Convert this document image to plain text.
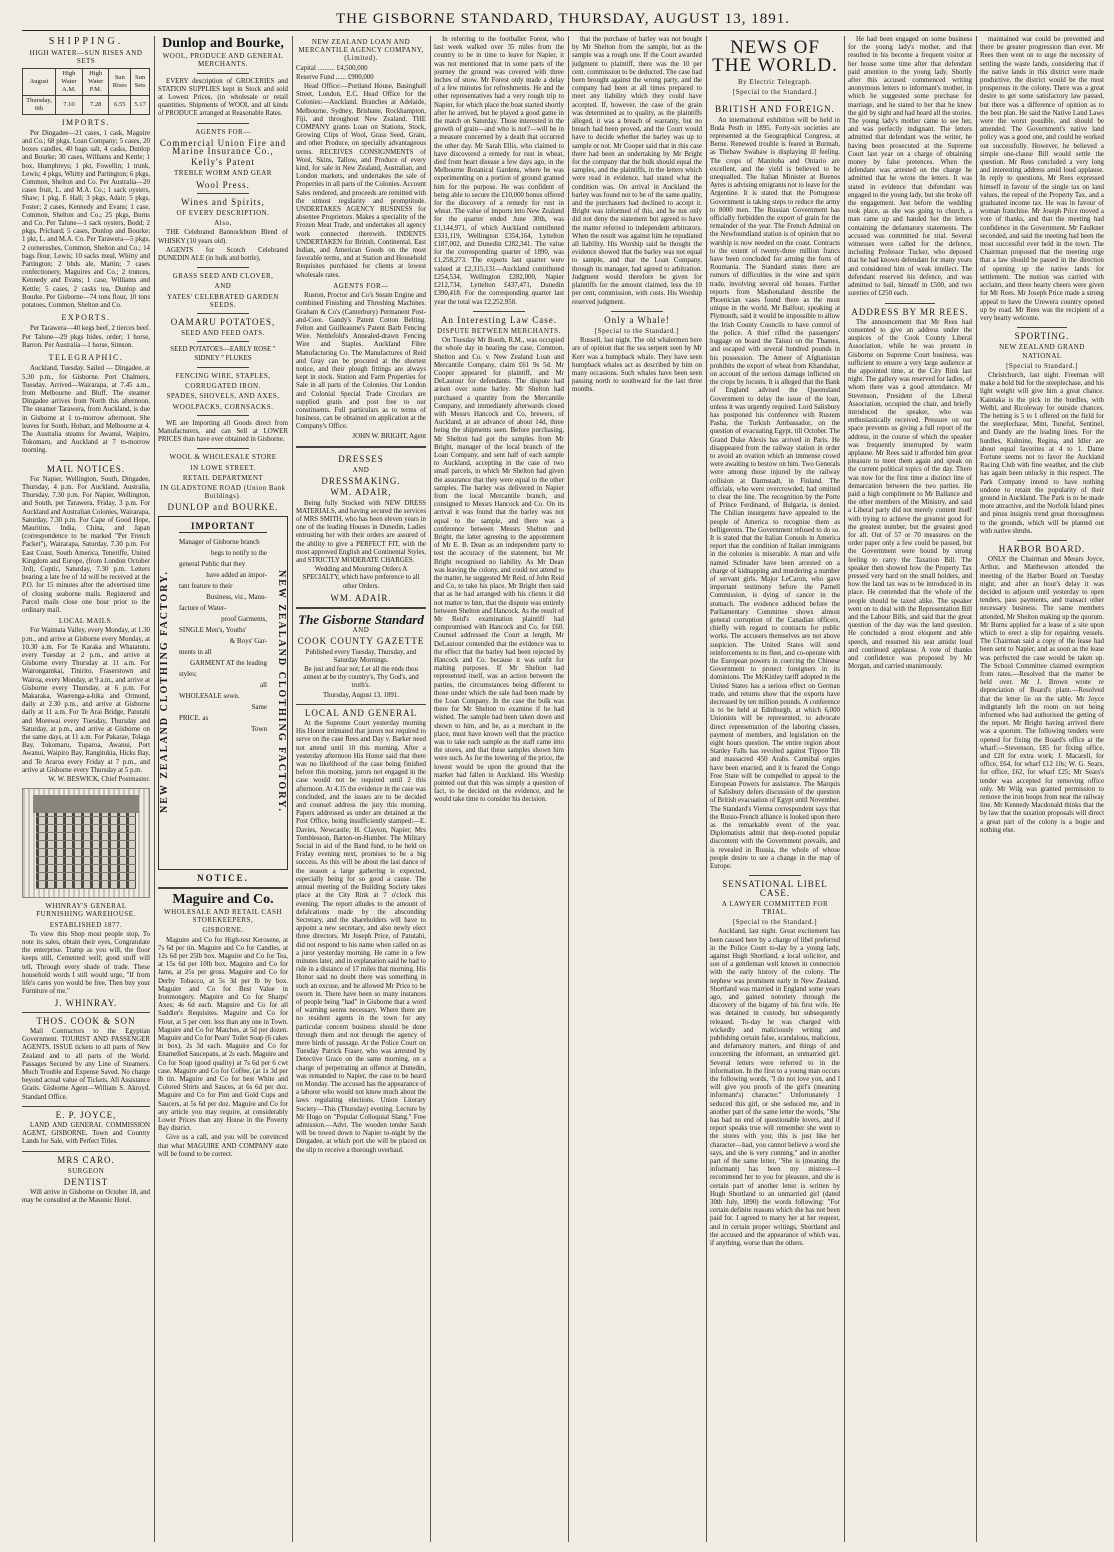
THE GISBORNE STANDARD, THURSDAY, AUGUST 13, 1891.
SHIPPING.
HIGH WATER—SUN RISES AND SETS
August	High Water A.M.	High Water P.M.	Sun Rises	Sun Sets
Thursday, 6th	7.10	7.28	6.55	5.17
IMPORTS.

Per Dingadee—21 cases, 1 cask, Maguire and Co.; 68 pkgs, Loan Company; 5 cases, 20 boxes candles, 40 bags salt, 4 casks, Dunlop and Bourke; 30 cases, Williams and Kettle; 1 box, Humphreys; 1 pkt, Fowellin; 1 trunk, Lewis; 4 pkgs, Whitty and Partington; 6 pkgs, Common, Shelton and Co. Per Australia—20 cases fruit, L. and M.A. Co.; 1 sack oysters, Shaw; 1 pkg, F. Hall; 3 pkgs, Adair; 5 pkgs, Foster; 2 cases, Kennedy and Evans; 1 case, Common, Shelton and Co.; 25 pkgs, Burns and Co. Per Talune—1 sack oysters, Bodd; 2 pkgs, Prichard; 5 cases, Dunlop and Bourke; 1 pkt, L. and M.A. Co. Per Tarawera—5 pkgs, 2 cornerushes, Common, Shelton and Co.; 14 bags flour, Lewis; 10 sacks meal, Whitty and Partington; 2 bhds ale, Martin; 7 cases confectionery, Maguires and Co.; 2 trunces, Kennedy and Evans; 1 case, Williams and Kettle; 5 cases, 2 casks tea, Dunlop and Bourke. Per Gisborne—74 tons flour, 10 tons potatoes, Common, Shelton and Co.

EXPORTS.

Per Tarawera—40 kegs beef, 2 tierces beef. Per Talune—29 pkgs hides, order; 1 horse, Barron. Per Australia—1 horse, Simson.

TELEGRAPHIC.

Auckland, Tuesday. Sailed — Dingadee, at 5.30 p.m., for Gisborne. Port Chalmers, Tuesday. Arrived—Wairarapa, at 7.45 a.m., from Melbourne and Bluff. The steamer Dingadee arrives from North this afternoon. The steamer Tarawera, from Auckland, is due in Gisborne at 1 to-morrow afternoon. She leaves for South, Hobart, and Melbourne at 4. The Australia steams for Awanui, Waipiro, Tokomaru, and Auckland at 7 to-morrow morning.

MAIL NOTICES.

For Napier, Wellington, South, Dingadee, Thursday, 4 p.m. For Auckland, Australia, Thursday, 7.30 p.m. For Napier, Wellington, and South, per Tarawera, Friday, 3 p.m. For Auckland and Australian Colonies, Wairarapa, Saturday, 7.30 p.m. For Cape of Good Hope, Mauritius, India, China, and Japan (correspondence to be marked "Per French Packet"), Wairarapa, Saturday, 7.30 p.m. For East Coast, South America, Teneriffe, United Kingdom and Europe, (from London October 3rd), Coptic, Saturday, 7.30 p.m. Letters bearing a late fee of 1d will be received at the P.O. for 15 minutes after the advertised time of closing seaborne mails. Registered and Parcel mails close one hour prior to the ordinary mail.

LOCAL MAILS.

For Waimata Valley, every Monday, at 1.30 p.m., and arrive at Gisborne every Monday, at 10.30 a.m. For Te Karaka and Whatatutu, every Tuesday at 2 p.m., and arrive at Gisborne every Thursday at 11 a.m. For Wairongamkai, Tinirito, Fraserstown and Wairoa, every Monday, at 9 a.m., and arrive at Gisborne every Thursday, at 6 p.m. For Makaraka, Waerenga-a-hika and Ormond, daily at 2.30 p.m., and arrive at Gisborne daily at 11 a.m. For Te Arai Bridge, Patutahi and Morewai every Tuesday, Thursday and Saturday, at p.m., and arrive at Gisborne on the same days, at 11 a.m. For Pakarae, Tolaga Bay, Tokomaru, Tuparoa, Awanui, Port Awanui, Waipiro Bay, Rangitukia, Hicks Bay, and Te Araroa every Friday at 7 p.m., and arrive at Gisborne every Thursday at 5 p.m.

W. W. BESWICK, Chief Postmaster.

WHINRAY'S GENERAL FURNISHING WAREHOUSE.
ESTABLISHED 1877.

To view this Shop most people stop, To note its sales, obtain their eyes, Congratulate the enterprise. Tramp as you will, the floor keeps still, Cemented well; good stuff will tell, Through every shade of trade. These household words I still would urge, "If from life's cares you would be free, Then buy your Furniture of me."

J. WHINRAY.
THOS. COOK & SON

Mail Contractors to the Egyptian Government. TOURIST AND PASSENGER AGENTS, ISSUE tickets to all parts of New Zealand and to all parts of the World. Passages Secured by any Line of Steamers. Much Trouble and Expense Saved. No charge beyond actual value of Tickets. All Assistance Gratis. Gisborne Agent—William S. Akroyd, Standard Office.

E. P. JOYCE,

LAND AND GENERAL COMMISSION AGENT, GISBORNE. Town and Country Lands for Sale, with Perfect Titles.

MRS CARO.
SURGEON
DENTIST

Will arrive in Gisborne on October 18, and may be consulted at the Masonic Hotel.

Dunlop and Bourke,
WOOL, PRODUCE AND GENERAL MERCHANTS.

EVERY description of GROCERIES and STATION SUPPLIES kept in Stock and sold at Lowest Prices, (in wholesale or retail quantities. Shipments of WOOL and all kinds of PRODUCE arranged at Reasonable Rates.

AGENTS FOR—
Commercial Union Fire and Marine Insurance Co.,
Kelly's Patent
TREBLE WORM AND GEAR
Wool Press.
Wines and Spirits,
OF EVERY DESCRIPTION.
Also,

THE Celebrated Bannockburn Blend of WHISKY (10 years old).

AGENTS for Scotch Celebrated DUNEDIN ALE (in bulk and bottle),

GRASS SEED AND CLOVER,
AND
YATES' CELEBRATED GARDEN SEEDS.
OAMARU POTATOES,
SEED AND FEED OATS.

SEED POTATOES—EARLY ROSE " SIDNEY " FLUKES

FENCING WIRE, STAPLES,
CORRUGATED IRON.
SPADES, SHOVELS, AND AXES,
WOOLPACKS, CORNSACKS.

WE are Importing all Goods direct from Manufacturers, and can Sell at LOWER PRICES than have ever obtained in Gisborne.

WOOL & WHOLESALE STORE
IN LOWE STREET.
RETAIL DEPARTMENT
IN GLADSTONE ROAD (Union Bank Buildings).
DUNLOP and BOURKE.
NEW ZEALAND CLOTHING FACTORY.	NEW ZEALAND CLOTHING FACTORY.
IMPORTANT
Manager of Gisborne branch
begs to notify to the
general Public that they
have added an impor-
tant feature to their
Business, viz., Manu-
facture of Water-
proof Garments,
SINGLE Men's, Youths'
& Boys' Gar-
ments in all
GARMENT AT the leading
styles;
all
WHOLESALE sewn.
Same
PRICE. as
Town
NOTICE.
Maguire and Co.
WHOLESALE AND RETAIL CASH STOREKEEPERS,
GISBORNE.

Maguire and Co for High-test Kerosene, at 7s 6d per tin. Maguire and Co for Candles, at 12s 6d per 25lb box. Maguire and Co for Tea, at 15s 6d per 10lb box. Maguire and Co for Jams, at 25s per gross. Maguire and Co for Derby Tobacco, at 5s 3d per lb by box. Maguire and Co for Best Value in Ironmongery. Maguire and Co for Sharps' Axes; 4s 6d each. Maguire and Co for all Saddler's Requisites. Maguire and Co for Flour, at 5 per cent. less than any one in Town. Maguire and Co for Matches, at 5d per dozen. Maguire and Co for Pears' Toilet Soap (6 cakes in box), 2s 3d each. Maguire and Co for Enamelled Saucepans, at 2s each. Maguire and Co for Soap (good quality) at 7s 6d per 6 cwt case. Maguire and Co for Coffee, (at 1s 3d per lb tin. Maguire and Co for best White and Colored Shirts and Sauces, at 6s 6d per doz. Maguire and Co for Pint and Gold Cups and Saucers, at 5s 6d per doz. Maguire and Co for any article you may require, at considerably Lower Prices than any House in the Poverty Bay district.

Give us a call, and you will be convinced that what MAGUIRE AND COMPANY state will be found to be correct.

NEW ZEALAND LOAN AND MERCANTILE AGENCY COMPANY, (Limited).

Capital .......... £4,500,000

Reserve Fund ...... £900,000

Head Office:—Portland House, Basinghall Street, London, E.C. Head Office for the Colonies:—Auckland. Branches at Adelaide, Melbourne, Sydney, Brisbane, Rockhampton, Fiji, and throughout New Zealand. THE COMPANY grants Loan on Stations, Stock, Growing Clips of Wool, Grass Seed, Grain, and other Produce, on specially advantageous terms. RECEIVES CONSIGNMENTS of Wool, Skins, Tallow, and Produce of every kind, for sale in New Zealand, Australian, and London markets, and undertakes the sale of Properties in all parts of the Colonies. Account Sales rendered, and proceeds are remitted with the utmost regularity and promptitude. UNDERTAKES AGENCY BUSINESS for absentee Proprietors. Makes a speciality of the Frozen Meat Trade, and undertakes all agency work connected therewith. INDENTS UNDERTAKEN for British, Continental, East Indian, and American Goods on the most favorable terms, and at Station and Household Requisites purchased for clients at lowest wholesale rates.

AGENTS FOR—

Ruston, Proctor and Co's Steam Engine and combined Finishing and Threshing Machines. Graham & Co's (Canterbury) Permanent Post-and-Core. Gandy's Patent Cotton Belting. Felton and Guilleaume's Patent Barb Fencing Wire. Nettlefold's Annealed-drawn Fencing Wire and Staples. Auckland Fibre Manufacturing Co. The Manufactures of Reid and Gray can be procured at the shortest notice, and their plough fittings are always kept in stock. Station and Farm Properties for Sale in all parts of the Colonies. Our London and Colonial Special Trade Circulars are supplied gratis and post free to our constituents. Full particulars as to terms of business, can be obtained on application at the Company's Office.

JOHN W. BRIGHT, Agent

DRESSES
AND
DRESSMAKING.
WM. ADAIR,

Being fully Stocked with NEW DRESS MATERIALS, and having secured the services of MRS SMITH, who has been eleven years in one of the leading Houses in Dunedin, Ladies entrusting her with their orders are assured of the ability to give a PERFECT FIT, with the most approved English and Continental Styles, and STRICTLY MODERATE CHARGES.

Wedding and Mourning Orders A SPECIALTY, which have preference to all other Orders.

WM. ADAIR.
The Gisborne Standard
AND
COOK COUNTY GAZETTE

Published every Tuesday, Thursday, and Saturday Mornings.

Be just and fear not; Let all the ends thou aimest at be thy country's, Thy God's, and truth's.

Thursday, August 13, 1891.

LOCAL AND GENERAL

At the Supreme Court yesterday morning His Honor intimated that jurors not required to serve on the case Rees and Day v. Barker need not attend until 10 this morning. After a yesterday afternoon His Honor said that there was no likelihood of the case being finished before this morning, jurors not engaged in the case would not be required until 2 this afternoon. At 4.15 the evidence in the case was concluded, and the issues are to be decided and counsel address the jury this morning. Papers addressed as under are detained at the Post Office, being insufficiently stamped:—E. Davies, Newcastle; H. Clayton, Napier; Mrs Tomblesson, Barton-on-Humber. The Military Social in aid of the Band fund, to be held on Friday evening next, promises to be a big success. As this will be about the last dance of the season a large gathering is expected, especially being for so good a cause. The annual meeting of the Building Society takes place at the City Rink at 7 o'clock this evening. The report alludes to the amount of defalcations made by the absconding Secretary, and the shareholders will have to appoint a new secretary, and also newly elect three directors. Mr Joseph Price, of Patutahi, did not respond to his name when called on as a juror yesterday morning. He came in a few minutes later, and in explanation said he had to ride in a distance of 17 miles that morning. His Honor said no doubt there was something in such an excuse, and he allowed Mr Price to be sworn in. There have been so many instances of people being "had" in Gisborne that a word of warning seems necessary. Where there are no resident agents in the town for any particular concern business should be done through them and not through the agency of mere birds of passage. At the Police Court on Tuesday Patrick Fraser, who was arrested by Detective Grace on the same morning, on a charge of perpetrating an offence at Dunedin, was remanded to Napier, the case to be heard on Monday. The accused has the appearance of a laborer who would not know much about the laws regulating elections. Union Literary Society—This (Thursday) evening. Lecture by Mr Hugo on "Popular Colloquial Slang." Free admission.—Advt. The wooden tender Sarah will be towed down to Napier to-night by the Dingadee, at which port she will be placed on the slip to receive a thorough overhaul.

In referring to the footballer Forest, who last week walked over 35 miles from the country to be in time to leave for Napier, it was not mentioned that in some parts of the journey the ground was covered with three inches of snow. Mr Forest only made a delay of a few minutes for refreshments. He and the other representatives had a very rough trip to Napier, for which place the boat started shortly after he arrived, but he played a good game in the match on Saturday. Those interested in the growth of grain—and who is not?—will be in a measure concerned by a death that occurred the other day. Mr Sarah Ellis, who claimed to have discovered a remedy for rust in wheat, died from heart disease a few days ago, in the Melbourne Botanical Gardens, where he was experimenting on a portion of ground granted him for the purpose. He was confident of being able to secure the £10,000 bonus offered for the discovery of a remedy for rust in wheat. The value of imports into New Zealand for the quarter ended June 30th, was £1,144,971, of which Auckland contributed £331,119, Wellington £354,164, Lyttelton £187,002, and Dunedin £282,341. The value for the corresponding quarter of 1890, was £1,258,273. The exports last quarter were valued at £2,315,131—Auckland contributed £254,534, Wellington £282,000, Napier £212,734, Lyttelton £437,471, Dunedin £390,418. For the corresponding quarter last year the total was £2,252,958.

An Interesting Law Case.
DISPUTE BETWEEN MERCHANTS.

On Tuesday Mr Booth, R.M., was occupied the whole day in hearing the case, Common, Shelton and Co. v. New Zealand Loan and Mercantile Company, claim £61 9s 5d. Mr Cooper appeared for plaintiff, and Mr DeLautour for defendants. The dispute had arisen over some barley. Mr Shelton had purchased a quantity from the Mercantile Company, and immediately afterwards closed with Messrs Hancock and Co, brewers, of Auckland, at an advance of about 14d, three being the shipments seen. Before purchasing, Mr Shelton had got the samples from Mr Bright, manager of the local branch of the Loan Company, and sent half of each sample to Auckland, accepting in the case of two small parcels, in which Mr Shelton had given the assurance that they were equal to the other samples. The barley was delivered in Napier from the local Mercantile branch, and consigned to Messrs Hancock and Co. On its arrival it was found that the barley was not equal to the sample, and there was a conference between Messrs Shelton and Bright, the latter agreeing to the appointment of Mr E. B. Dean as an independent party to test the accuracy of the statement, but Mr Bright recognised no liability. As Mr Dean was leaving the colony, and could not attend to the matter, he suggested Mr Reid, of John Reid and Co, to take his place. Mr Bright then said that as he had arranged with his clients it did not matter to him, that the dispute was entirely between Shelton and Hancock. As the result of Mr Reid's examination plaintiff had compromised with Hancock and Co. for £60. Counsel addressed the Court at length, Mr DeLautour contended that the evidence was to the effect that the barley had been rejected by Hancock and Co. because it was unfit for malting purposes. If Mr Shelton had represented itself, was an action between the parties, the circumstances being different to those under which the sale had been made by the Loan Company. In the case the bulk was there for Mr Shelton to examine if he had wished. The sample had been taken down and shown to him, and he, as a merchant in the place, must have known well that the practice was to take each sample as the staff came into the stores, and that these samples shown him were such. As for the lowering of the price, the lowest would be upon the ground that the market had fallen in Auckland. His Worship pointed out that this was simply a question of fact, to be decided on the evidence, and he would take time to consider his decision.

that the purchase of barley was not bought by Mr Shelton from the sample, but as the sample was a rough one. If the Court awarded judgment to plaintiff, there was the 10 per cent. commission to be deducted. The case had been brought against the wrong party, and the company had been at all times prepared to meet any liability which they could have accepted. If, however, the case of the grain was determined as to quality, as the plaintiffs alleged, it was a breach of warranty, but no breach had been proved, and the Court would have to decide whether the barley was up to sample or not. Mr Cooper said that in this case there had been an undertaking by Mr Bright for the company that the bulk should equal the samples, and the plaintiffs, in the letters which were read in evidence, had stated what the condition was. On arrival in Auckland the barley was found not to be of the same quality, and the purchasers had declined to accept it. Bright was informed of this, and he not only did not deny the statement but agreed to have the matter referred to independent arbitrators. When the result was against him he repudiated all liability. His Worship said he thought the evidence showed that the barley was not equal to sample, and that the Loan Company, through its manager, had agreed to arbitration. Judgment would therefore be given for plaintiffs for the amount claimed, less the 10 per cent, commission, with costs. His Worship reserved judgment.

Only a Whale!
[Special to the Standard.]

Russell, last night. The old whalermen here are of opinion that the sea serpent seen by Mr Kerr was a humpback whale. They have seen humpback whales act as described by him on many occasions. Such whales have been seen passing north to southward for the last three months.

NEWS OF THE WORLD.
By Electric Telegraph.
[Special to the Standard.]
BRITISH AND FOREIGN.

An international exhibition will be held in Buda Pesth in 1895. Forty-six societies are represented at the Geographical Congress, at Berne. Renewed trouble is feared in Burmah, as Thebaw Swabaw is displaying ill feeling. The crops of Manitoba and Ontario are excellent, and the yield is believed to be unequalled. The Italian Minister at Buenos Ayres is advising emigrants not to leave for the Argentine. It is stated that the Portuguese Government is taking steps to reduce the army to 8000 men. The Russian Government has officially forbidden the export of grain for the remainder of the year. The French Admiral on the Newfoundland station is of opinion that no warship is now needed on the coast. Contracts to the extent of twenty-three million francs have been concluded for arming the forts of Roumania. The Standard states there are rumors of difficulties in the wine and spirit trade, involving several old houses. Further reports from Mashonaland describe the Phoenician vases found there as the most unique in the world. Mr Balfour, speaking at Plymouth, said it would be impossible to allow the Irish County Councils to have control of the police. A thief rifled the passengers' luggage on board the Taiuui on the Thames, and escaped with several hundred pounds in his possession. The Ameer of Afghanistan prohibits the export of wheat from Khandahar, on account of the serious damage inflicted on the crops by locusts. It is alleged that the Bank of England advised the Queensland Government to delay the issue of the loan, unless it was urgently required. Lord Salisbury has postponed his conference with Rustem Pasha, the Turkish Ambassador, on the question of evacuating Egypt, till October. The Grand Duke Alexis has arrived in Paris. He disappeared from the railway station in order to avoid an ovation which an immense crowd were awaiting to bestow on him. Two Generals were among those injured by the railway collision at Darmstadt, in Finland. The officials, who were overcrowded, had omitted to clear the line. The recognition by the Porte of Prince Ferdinand, of Bulgaria, is denied. The Chilian insurgents have appealed to the people of America to recognise them as belligerents. The Government refused to do so. It is stated that the Italian Consuls in America report that the condition of Italian immigrants in the colonies is miserable. A man and wife named Schnader have been arrested on a charge of kidnapping and murdering a number of servant girls. Major LeCaron, who gave important testimony before the Parnell Commission, is dying of cancer in the stomach. The evidence adduced before the Parliamentary Committee shows almost general corruption of the Canadian officers, chiefly with regard to contracts for public works. The accusers themselves are not above suspicion. The United States will send reinforcements to its fleet, and co-operate with the European powers in coercing the Chinese Government to protect foreigners in its dominions. The McKinley tariff adopted in the United States has a serious effect on German trade, and returns show that the exports have decreased by ten million pounds. A conference is to be held at Edinburgh, at which 6,000 Unionists will be represented, to advocate direct representation of the laboring classes, payment of members, and legislation on the eight hours question. The entire region about Stanley Falls has revolted against Tippoo Tib and massacred 450 Arabs. Cannibal orgies have been enacted, and it is feared the Congo Free State will be compelled to appeal to the European Powers for assistance. The Marquis of Salisbury defers discussion of the question of British evacuation of Egypt until November. The Standard's Vienna correspondent says that the Russo-French alliance is looked upon there as the remarkable event of the year. Diplomatists admit that deep-rooted popular discontent with the Government prevails, and is revealed in Russia, the whole of whose people desire to see a change in the map of Europe.

SENSATIONAL LIBEL CASE.
A LAWYER COMMITTED FOR TRIAL.
[Special to the Standard.]

Auckland, last night. Great excitement has been caused here by a charge of libel preferred in the Police Court to-day by a young lady, against Hugh Shortland, a local solicitor, and son of a gentleman well known in connection with the early history of the colony. The nephew was prominent early in New Zealand. Shortland was married in England some years ago, and gained notoriety through the discovery of the bigamy of his first wife. He was detained in custody, but subsequently released. To-day he was charged with wickedly and maliciously writing and publishing certain false, scandalous, malicious, and defamatory matters, and things of and concerning the informant, an unmarried girl. Several letters were referred to in the information. In the first to a young man occurs the following words, "I do not love yon, and I will give you proofs of the girl's (meaning informant's) character." Unfortunately I seduced this girl, or she seduced me, and in another part of the same letter the words, "She has had no end of questionable lovers, and if report speaks true will remember she went to the stores with you; this is just like her character—had, you cannot believe a word she says, and she is very cunning," and in another part of the same letter, "She is (meaning the informant) has been my mistress—I recommend her to you for pleasure, and she is certain part of another letter is written by Hugh Shortland to an unmarried girl (dated 30th July, 1890) the words following: "For certain definite reasons which she has not been paid for. I agreed to marry her at her request, and in certain proper writings, Shortland and the accused and the appearance of which was, if anything, worse than the others.

He had been engaged on some business for the young lady's mother, and that resulted in his become a frequent visitor at her house some time after that defendant paid attention to the young lady. Shortly after this accused commenced writing anonymous letters to informant's mother, in which he suggested some purchase for marriage, and he stated to her that he knew the girl by sight and had heard all the stories. The young lady's mother came to see her, and was perfectly indignant. The letters admitted that defendant was the writer, he having been prosecuted at the Supreme Court last year on a charge of obtaining money by false pretences. When the defendant was arrested on the charge he admitted that he wrote the letters. It was stated in evidence that defendant was engaged to the young lady, but she broke off the engagement. Just before the wedding took place, as she was going to church, a man came up and handed her the letters containing the defamatory statements. The accused was committed for trial. Several witnesses were called for the defence, including Professor Tucker, who deposed that he had known defendant for many years and considered him of weak intellect. The defendant reserved his defence, and was admitted to bail, himself in £500, and two sureties of £250 each.

ADDRESS BY MR REES.

The announcement that Mr Rees had consented to give an address under the auspices of the Cook County Liberal Association, while he was present in Gisborne on Supreme Court business, was sufficient to ensure a very large audience at the appointed time, at the City Rink last night. The gallery was reserved for ladies, of whom there was a good attendance. Mr Stevenson, President of the Liberal Association, occupied the chair, and briefly introduced the speaker, who was enthusiastically received. Pressure on our space prevents us giving a full report of the address, in the course of which the speaker was frequently interrupted by warm applause. Mr Rees said it afforded him great pleasure to meet them again and speak on the current political topics of the day. There was now for the first time a distinct line of demarcation between the two parties. He paid a high compliment to Mr Ballance and the other members of the Ministry, and said a Liberal party did not merely content itself with trying to achieve the greatest good for the greatest number, but the greatest good for all. Out of 57 or 70 measures on the order paper only a few could be passed, but the Government were bound by strong feeling to carry the Taxation Bill. The speaker then showed how the Property Tax pressed very hard on the small holders, and how the land tax was to be introduced in its place. He contended that the whole of the people should be taxed alike. The speaker went on to deal with the Representation Bill and the Labour Bills, and said that the great question of the day was the land question. He concluded a most eloquent and able speech, and resumed his seat amidst loud and continued applause. A vote of thanks and confidence was proposed by Mr Morgan, and carried unanimously.

maintained war could be prevented and there be greater progression than ever. Mr Rees then went on to urge the necessity of settling the waste lands, considering that if the native lands in this district were made productive, the district would be the most prosperous in the colony. There was a great desire to get some satisfactory law passed, but there was a difference of opinion as to the best plan. He said the Native Land Laws were the worst possible, and should be amended. The Government's native land policy was a good one, and could be worked out successfully. However, he believed a simple one-clause Bill would settle the question. Mr Rees concluded a very long and interesting address amid loud applause. In reply to questions, Mr Rees expressed himself in favour of the single tax on land values, the repeal of the Property Tax, and a graduated income tax. He was in favour of woman franchise. Mr Joseph Price moved a vote of thanks, and that the meeting had confidence in the Government. Mr Faulkner seconded, and said the meeting had been the most successful ever held in the town. The Chairman proposed that the meeting urge that a law should be passed in the direction of opening up the native lands for settlement. The motion was carried with acclaim, and three hearty cheers were given for Mr Rees. Mr Joseph Price made a strong appeal to have the Urewera country opened up by road. Mr Rees was the recipient of a very hearty welcome.

SPORTING.
NEW ZEALAND GRAND NATIONAL
[Special to Standard.]

Christchurch, last night. Freeman will make a bold bid for the steeplechase, and his light weight will give him a great chance. Kaintaka is the pick in the hurdles, with Welbl, and Ricoleway for outside chances. The betting is 5 to 1 offered on the field for the steeplechase, Mint, Tuneful, Sentinel, and Dandy are the leading lines. For the hurdles, Kulmine, Regina, and Idler are about equal favorites at 4 to 1. Dame Fortune seems not to favor the Auckland Racing Club with fine weather, and the club has again been unlucky in this respect. The Park Company intend to have nothing undone to retain the popularity of their ground in Auckland. The Park is to be made more attractive, and the Norfolk Island pines and pinus insignis trend great thoroughness to the grounds, which will be planted out with native shrubs.

HARBOR BOARD.

ONLY the Chairman and Messrs Joyce, Arthur, and Matthewson attended the meeting of the Harbor Board on Tuesday night, and after an hour's delay it was decided to adjourn until yesterday to open tenders, pass payments, and transact other necessary business. The same members attended, Mr Shelton making up the quorum. Mr Burns applied for a lease of a site upon which to erect a slip for repairing vessels. The Chairman said a copy of the lease had been sent to Napier, and as soon as the lease was perfected the case would be taken up. The School Committee claimed exemption from rates.—Resolved that the matter be held over. Mr J. Brown wrote re depreciation of Board's plant.—Resolved that the letter lie on the table. Mr Joyce indignantly left the room on not being informed who had authorised the getting of the report. Mr Bright having arrived there was a quorum. The following tenders were opened for fixing the Board's office at the wharf:—Stevenson, £85 for fixing office, and £20 for extra work; J. Macarell, for office, £64, for wharf £12 10s; W. G. Sears, for office, £62, for wharf £25; Mr Sears's tender was accepted for removing office only. Mr Wilg was granted permission to remove the iron hoops from near the railway line. Mr Kennedy Macdonald thinks that the by law that the taxation proposals will direct a great part of the colony is a bogie and nothing else.
